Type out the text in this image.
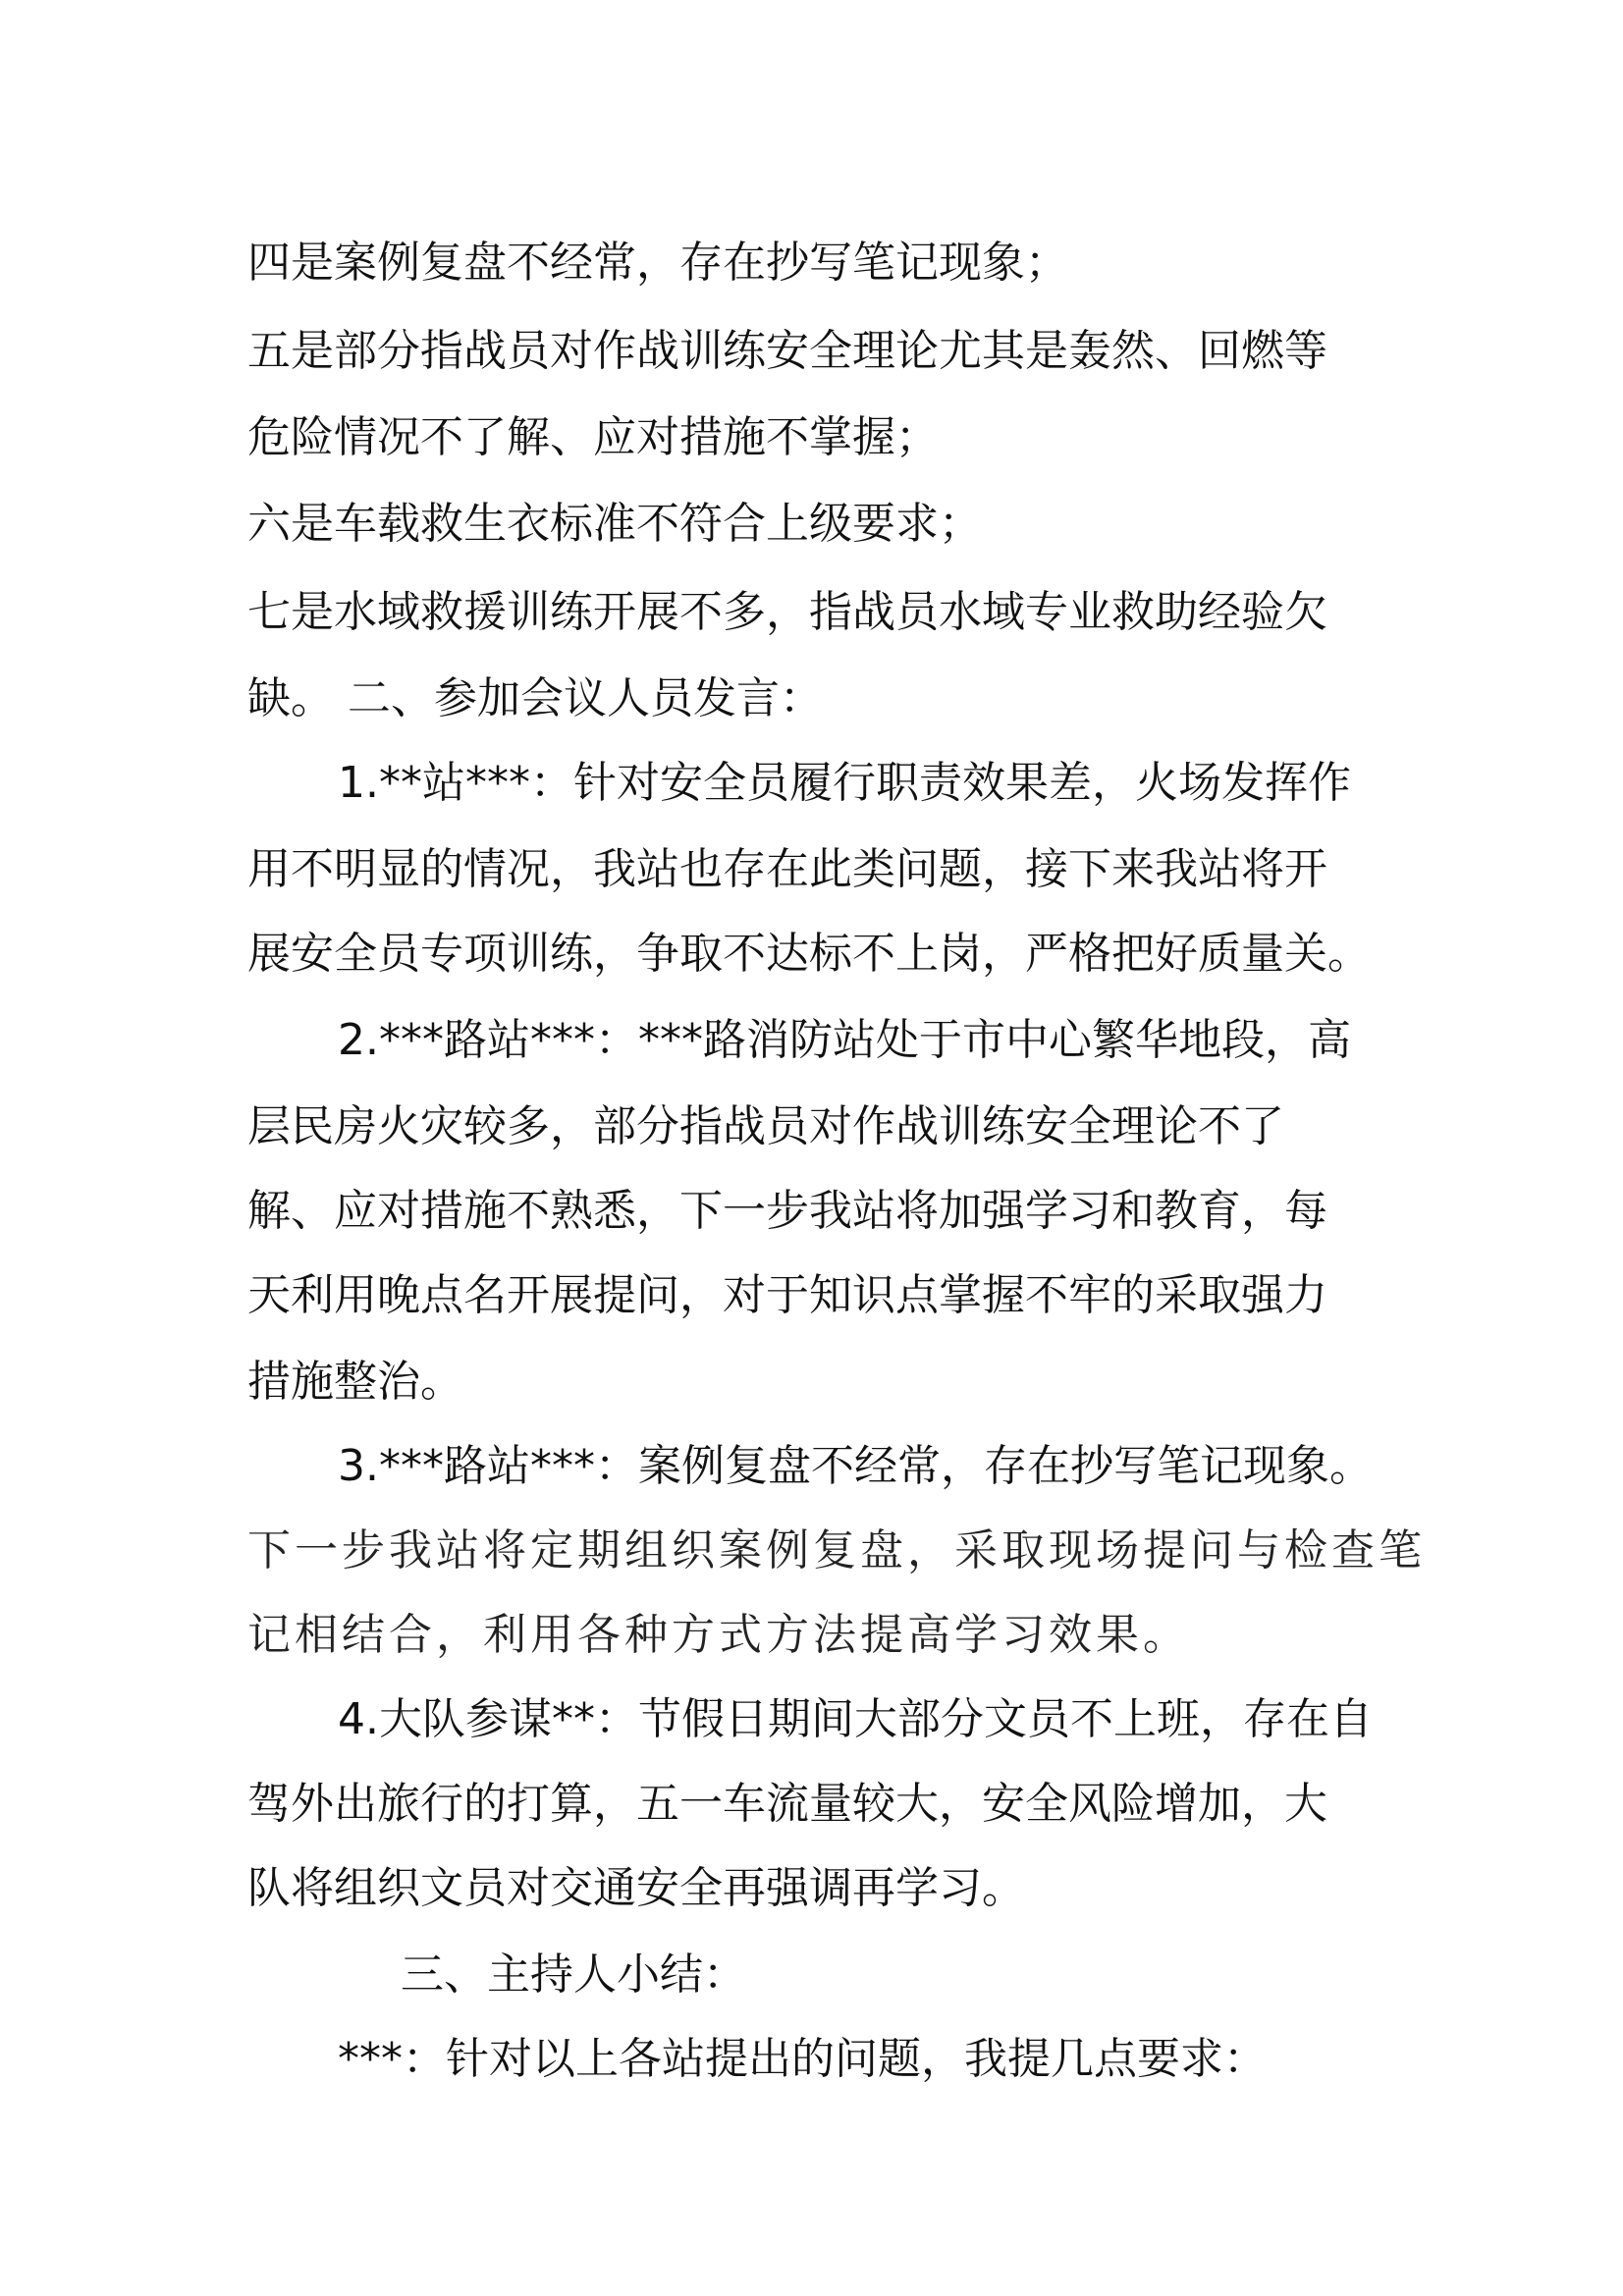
四是案例复盘不经常，存在抄写笔记现象；
五是部分指战员对作战训练安全理论尤其是轰然、回燃等
危险情况不了解、应对措施不掌握；
六是车载救生衣标准不符合上级要求；
七是水域救援训练开展不多，指战员水域专业救助经验欠
缺。 二、参加会议人员发言：
1.**站***：针对安全员履行职责效果差，火场发挥作
用不明显的情况，我站也存在此类问题，接下来我站将开
展安全员专项训练，争取不达标不上岗，严格把好质量关。
2.***路站***：***路消防站处于市中心繁华地段，高
层民房火灾较多，部分指战员对作战训练安全理论不了
解、应对措施不熟悉，下一步我站将加强学习和教育，每
天利用晚点名开展提问，对于知识点掌握不牢的采取强力
措施整治。
3.***路站***：案例复盘不经常，存在抄写笔记现象。
下一步我站将定期组织案例复盘，采取现场提问与检查笔
记相结合，利用各种方式方法提高学习效果。
4.大队参谋**：节假日期间大部分文员不上班，存在自
驾外出旅行的打算，五一车流量较大，安全风险增加，大
队将组织文员对交通安全再强调再学习。
三、主持人小结：
***：针对以上各站提出的问题，我提几点要求：
